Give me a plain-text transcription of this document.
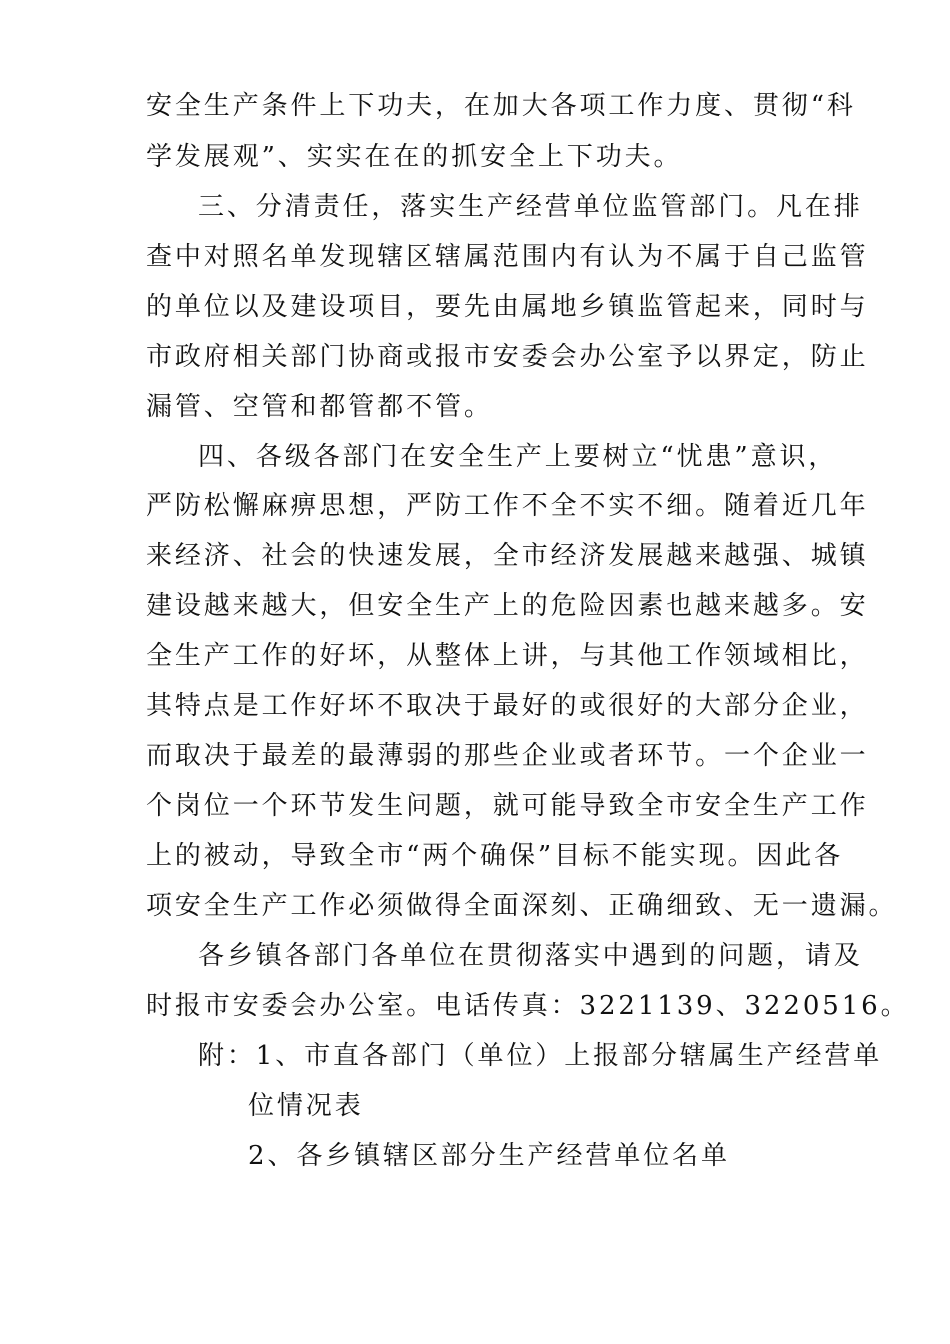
安全生产条件上下功夫，在加大各项工作力度、贯彻“科
学发展观”、实实在在的抓安全上下功夫。
三、分清责任，落实生产经营单位监管部门。凡在排
查中对照名单发现辖区辖属范围内有认为不属于自己监管
的单位以及建设项目，要先由属地乡镇监管起来，同时与
市政府相关部门协商或报市安委会办公室予以界定，防止
漏管、空管和都管都不管。
四、各级各部门在安全生产上要树立“忧患”意识，
严防松懈麻痹思想，严防工作不全不实不细。随着近几年
来经济、社会的快速发展，全市经济发展越来越强、城镇
建设越来越大，但安全生产上的危险因素也越来越多。安
全生产工作的好坏，从整体上讲，与其他工作领域相比，
其特点是工作好坏不取决于最好的或很好的大部分企业，
而取决于最差的最薄弱的那些企业或者环节。一个企业一
个岗位一个环节发生问题，就可能导致全市安全生产工作
上的被动，导致全市“两个确保”目标不能实现。因此各
项安全生产工作必须做得全面深刻、正确细致、无一遗漏。
各乡镇各部门各单位在贯彻落实中遇到的问题，请及
时报市安委会办公室。电话传真：3221139、3220516。
附：1、市直各部门（单位）上报部分辖属生产经营单
位情况表
2、各乡镇辖区部分生产经营单位名单
